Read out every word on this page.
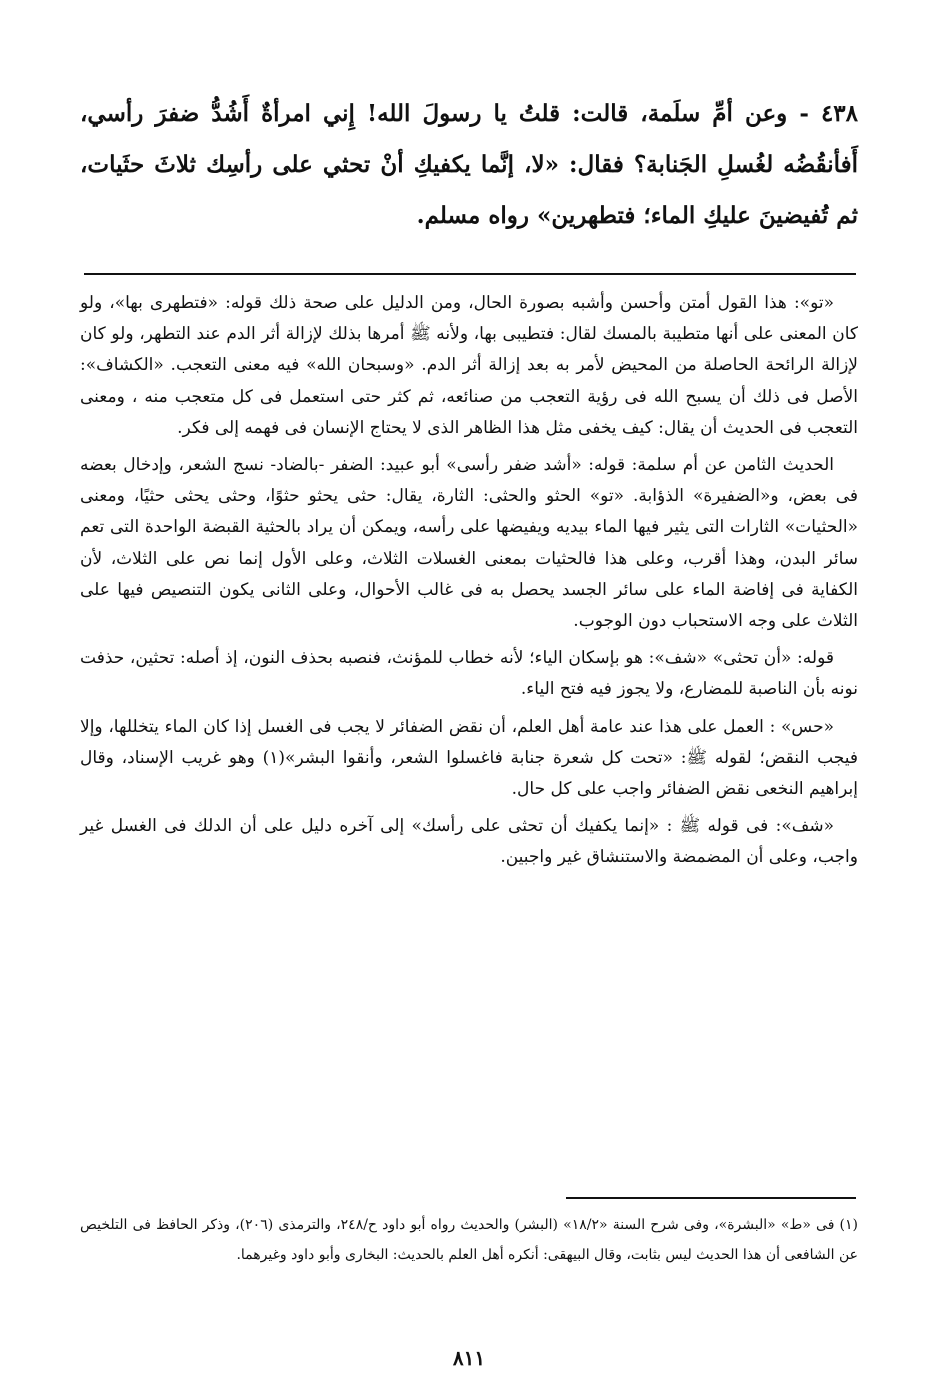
٤٣٨ - وعن أمِّ سلَمة، قالت: قلتُ يا رسولَ الله! إِني امرأةٌ أَشُدُّ ضفرَ رأسي، أَفأنقُضُه لغُسلِ الجَنابة؟ فقال: «لا، إنَّما يكفيكِ أنْ تحثي على رأسِك ثلاثَ حثَيات، ثم تُفيضينَ عليكِ الماء؛ فتطهرين» رواه مسلم.

«تو»: هذا القول أمتن وأحسن وأشبه بصورة الحال، ومن الدليل على صحة ذلك قوله: «فتطهرى بها»، ولو كان المعنى على أنها متطيبة بالمسك لقال: فتطيبى بها، ولأنه ﷺ أمرها بذلك لإزالة أثر الدم عند التطهر، ولو كان لإزالة الرائحة الحاصلة من المحيض لأمر به بعد إزالة أثر الدم. «وسبحان الله» فيه معنى التعجب. «الكشاف»: الأصل فى ذلك أن يسبح الله فى رؤية التعجب من صنائعه، ثم كثر حتى استعمل فى كل متعجب منه ، ومعنى التعجب فى الحديث أن يقال: كيف يخفى مثل هذا الظاهر الذى لا يحتاج الإنسان فى فهمه إلى فكر.

الحديث الثامن عن أم سلمة: قوله: «أشد ضفر رأسى» أبو عبيد: الضفر -بالضاد- نسج الشعر، وإدخال بعضه فى بعض، و«الضفيرة» الذؤابة. «تو» الحثو والحثى: الثارة، يقال: حثى يحثو حثوًا، وحثى يحثى حثيًا، ومعنى «الحثيات» الثارات التى يثير فيها الماء بيديه ويفيضها على رأسه، ويمكن أن يراد بالحثية القبضة الواحدة التى تعم سائر البدن، وهذا أقرب، وعلى هذا فالحثيات بمعنى الغسلات الثلاث، وعلى الأول إنما نص على الثلاث، لأن الكفاية فى إفاضة الماء على سائر الجسد يحصل به فى غالب الأحوال، وعلى الثانى يكون التنصيص فيها على الثلاث على وجه الاستحباب دون الوجوب.

قوله: «أن تحثى» «شف»: هو بإسكان الياء؛ لأنه خطاب للمؤنث، فنصبه بحذف النون، إذ أصله: تحثين، حذفت نونه بأن الناصبة للمضارع، ولا يجوز فيه فتح الياء.

«حس» : العمل على هذا عند عامة أهل العلم، أن نقض الضفائر لا يجب فى الغسل إذا كان الماء يتخللها، وإلا فيجب النقض؛ لقوله ﷺ: «تحت كل شعرة جنابة فاغسلوا الشعر، وأنقوا البشر»(١) وهو غريب الإسناد، وقال إبراهيم النخعى نقض الضفائر واجب على كل حال.

«شف»: فى قوله ﷺ : «إنما يكفيك أن تحثى على رأسك» إلى آخره دليل على أن الدلك فى الغسل غير واجب، وعلى أن المضمضة والاستنشاق غير واجبين.

(١) فى «ط» «البشرة»، وفى شرح السنة «١٨/٢» (البشر) والحديث رواه أبو داود ح/٢٤٨، والترمذى (٢٠٦)، وذكر الحافظ فى التلخيص عن الشافعى أن هذا الحديث ليس بثابت، وقال البيهقى: أنكره أهل العلم بالحديث: البخارى وأبو داود وغيرهما.

٨١١
